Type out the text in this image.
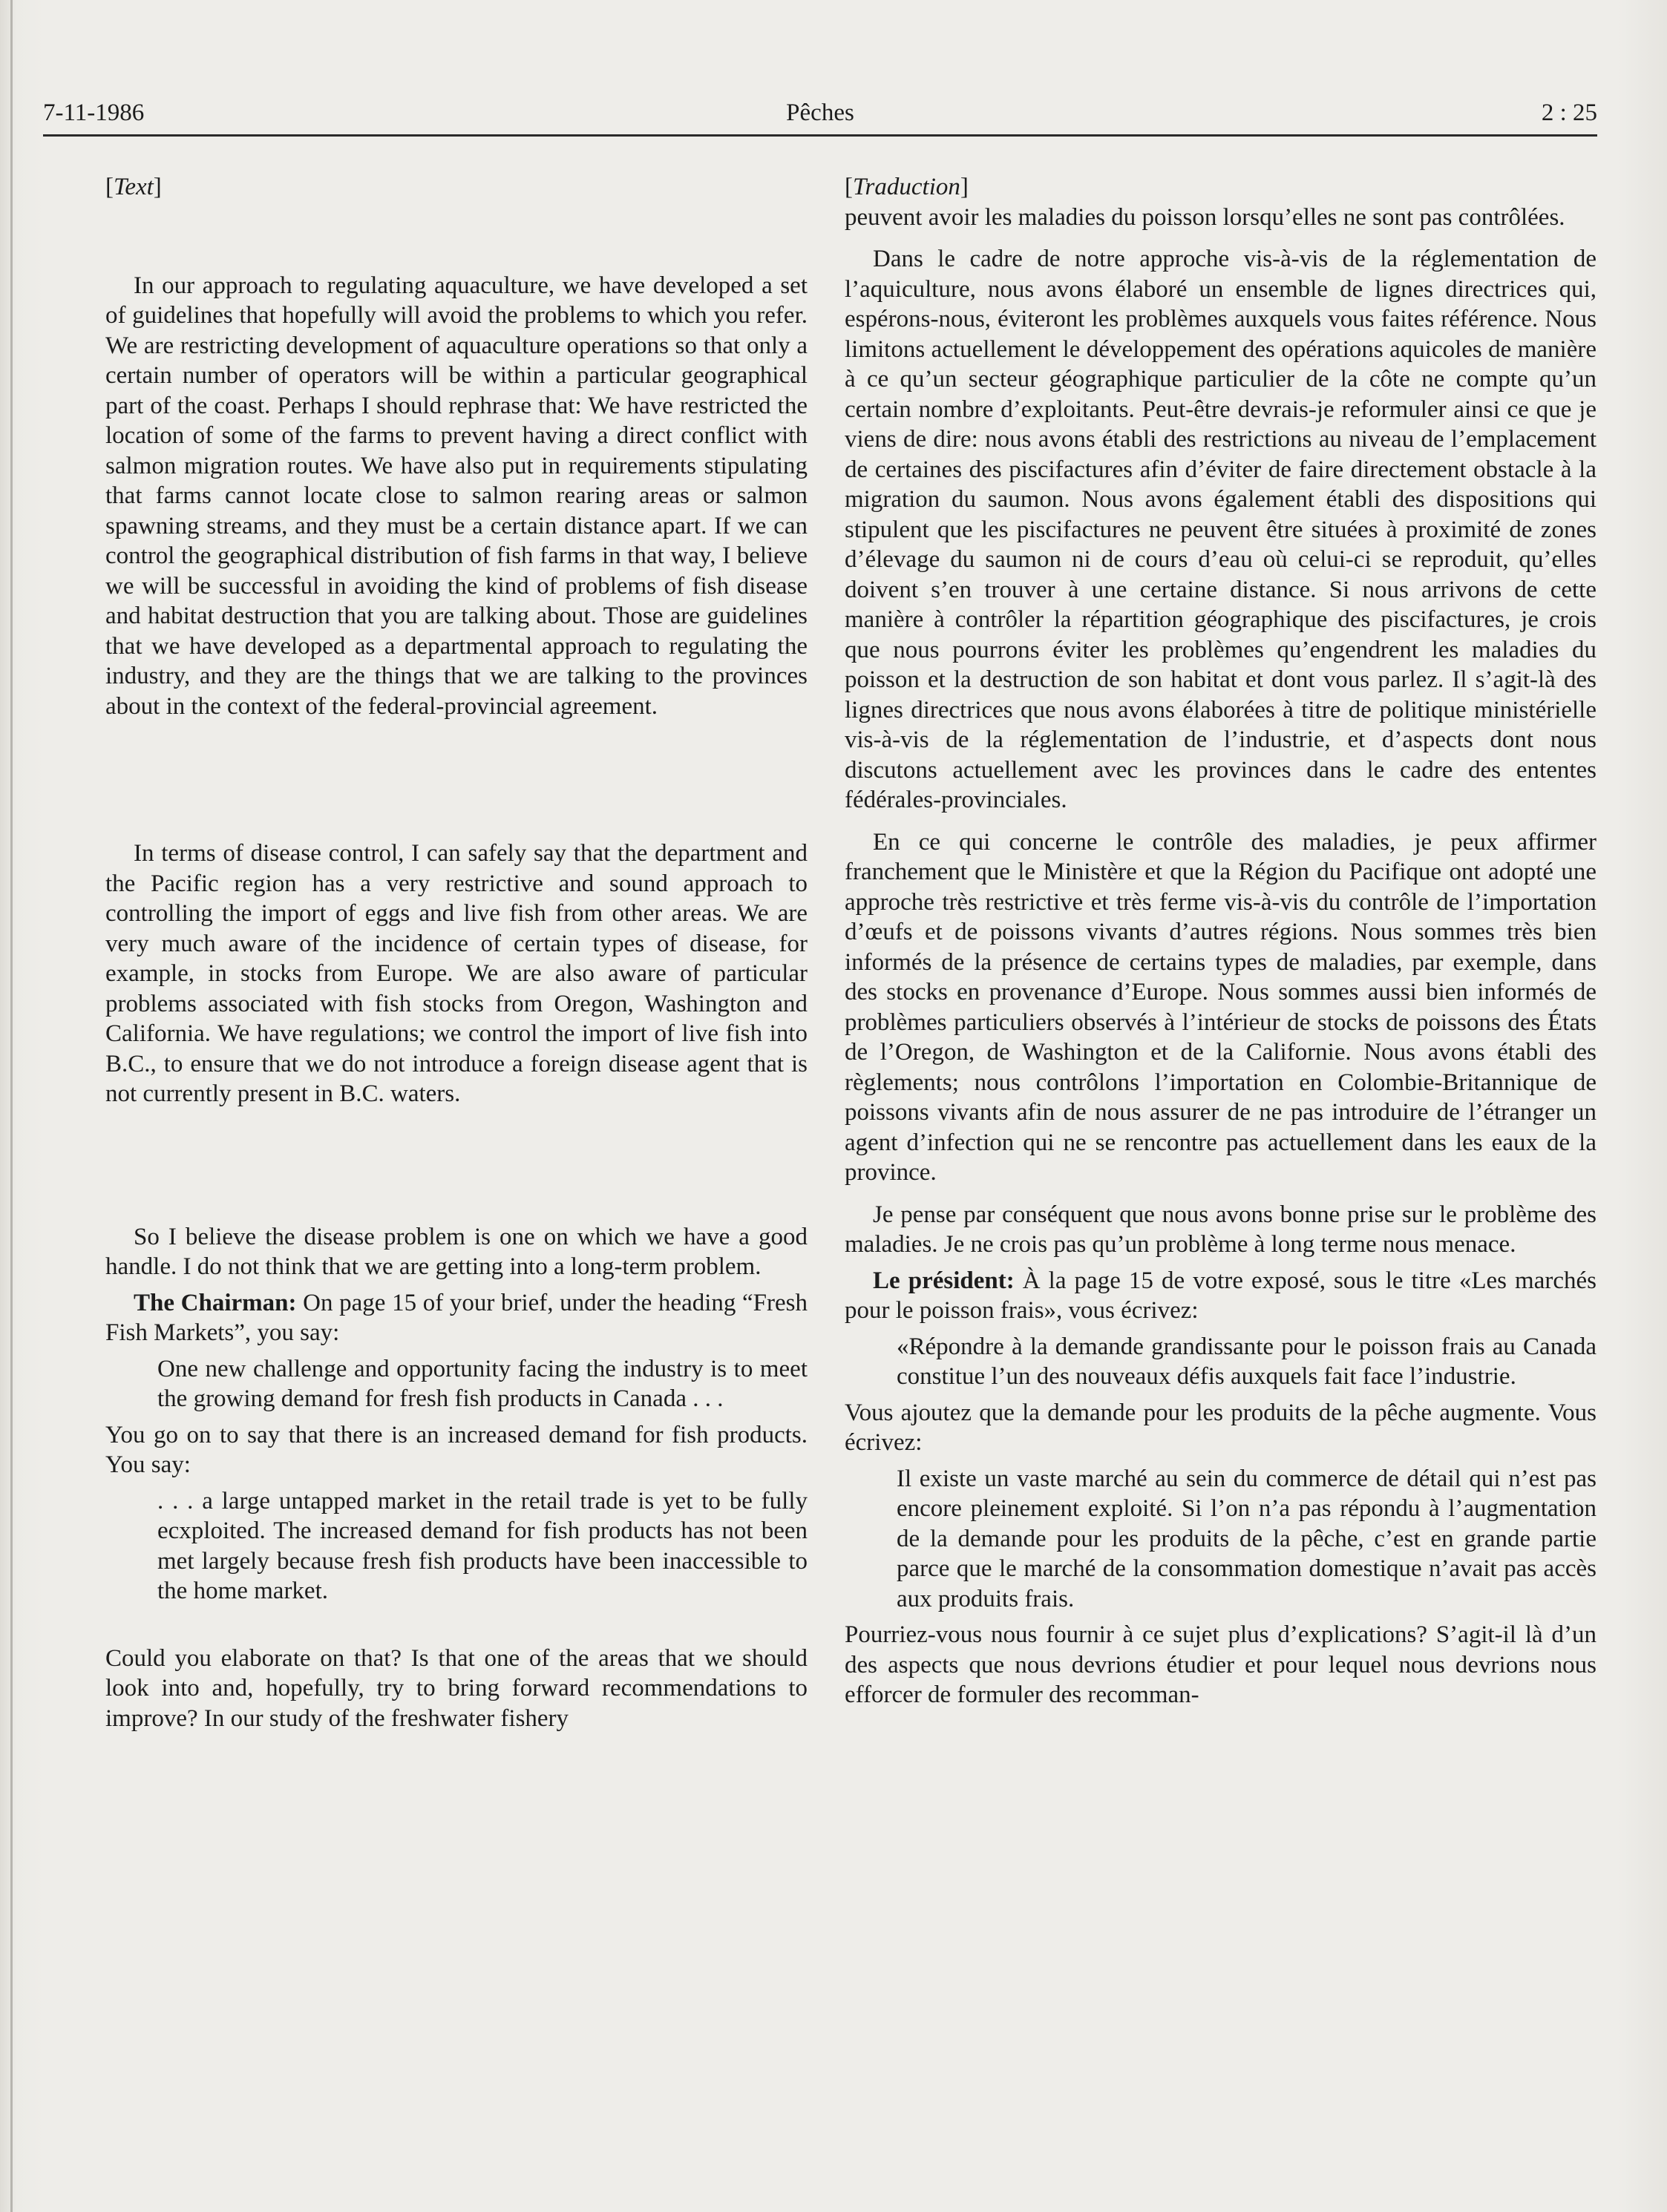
7-11-1986	Pêches	2 : 25

[Text]

In our approach to regulating aquaculture, we have developed a set of guidelines that hopefully will avoid the problems to which you refer. We are restricting development of aquaculture operations so that only a certain number of operators will be within a particular geographical part of the coast. Perhaps I should rephrase that: We have restricted the location of some of the farms to prevent having a direct conflict with salmon migration routes. We have also put in requirements stipulating that farms cannot locate close to salmon rearing areas or salmon spawning streams, and they must be a certain distance apart. If we can control the geographical distribution of fish farms in that way, I believe we will be successful in avoiding the kind of problems of fish disease and habitat destruction that you are talking about. Those are guidelines that we have developed as a departmental approach to regulating the industry, and they are the things that we are talking to the provinces about in the context of the federal-provincial agreement.

In terms of disease control, I can safely say that the department and the Pacific region has a very restrictive and sound approach to controlling the import of eggs and live fish from other areas. We are very much aware of the incidence of certain types of disease, for example, in stocks from Europe. We are also aware of particular problems associated with fish stocks from Oregon, Washington and California. We have regulations; we control the import of live fish into B.C., to ensure that we do not introduce a foreign disease agent that is not currently present in B.C. waters.

So I believe the disease problem is one on which we have a good handle. I do not think that we are getting into a long-term problem.

The Chairman: On page 15 of your brief, under the heading “Fresh Fish Markets”, you say:

One new challenge and opportunity facing the industry is to meet the growing demand for fresh fish products in Canada . . .

You go on to say that there is an increased demand for fish products. You say:

. . . a large untapped market in the retail trade is yet to be fully ecxploited. The increased demand for fish products has not been met largely because fresh fish products have been inaccessible to the home market.

Could you elaborate on that? Is that one of the areas that we should look into and, hopefully, try to bring forward recommendations to improve? In our study of the freshwater fishery

[Traduction]

peuvent avoir les maladies du poisson lorsqu’elles ne sont pas contrôlées.

Dans le cadre de notre approche vis-à-vis de la réglementation de l’aquiculture, nous avons élaboré un ensemble de lignes directrices qui, espérons-nous, éviteront les problèmes auxquels vous faites référence. Nous limitons actuellement le développement des opérations aquicoles de manière à ce qu’un secteur géographique particulier de la côte ne compte qu’un certain nombre d’exploitants. Peut-être devrais-je reformuler ainsi ce que je viens de dire: nous avons établi des restrictions au niveau de l’emplacement de certaines des piscifactures afin d’éviter de faire directement obstacle à la migration du saumon. Nous avons également établi des dispositions qui stipulent que les piscifactures ne peuvent être situées à proximité de zones d’élevage du saumon ni de cours d’eau où celui-ci se reproduit, qu’elles doivent s’en trouver à une certaine distance. Si nous arrivons de cette manière à contrôler la répartition géographique des piscifactures, je crois que nous pourrons éviter les problèmes qu’engendrent les maladies du poisson et la destruction de son habitat et dont vous parlez. Il s’agit-là des lignes directrices que nous avons élaborées à titre de politique ministérielle vis-à-vis de la réglementation de l’industrie, et d’aspects dont nous discutons actuellement avec les provinces dans le cadre des ententes fédérales-provinciales.

En ce qui concerne le contrôle des maladies, je peux affirmer franchement que le Ministère et que la Région du Pacifique ont adopté une approche très restrictive et très ferme vis-à-vis du contrôle de l’importation d’œufs et de poissons vivants d’autres régions. Nous sommes très bien informés de la présence de certains types de maladies, par exemple, dans des stocks en provenance d’Europe. Nous sommes aussi bien informés de problèmes particuliers observés à l’intérieur de stocks de poissons des États de l’Oregon, de Washington et de la Californie. Nous avons établi des règlements; nous contrôlons l’importation en Colombie-Britannique de poissons vivants afin de nous assurer de ne pas introduire de l’étranger un agent d’infection qui ne se rencontre pas actuellement dans les eaux de la province.

Je pense par conséquent que nous avons bonne prise sur le problème des maladies. Je ne crois pas qu’un problème à long terme nous menace.

Le président: À la page 15 de votre exposé, sous le titre «Les marchés pour le poisson frais», vous écrivez:

«Répondre à la demande grandissante pour le poisson frais au Canada constitue l’un des nouveaux défis auxquels fait face l’industrie.

Vous ajoutez que la demande pour les produits de la pêche augmente. Vous écrivez:

Il existe un vaste marché au sein du commerce de détail qui n’est pas encore pleinement exploité. Si l’on n’a pas répondu à l’augmentation de la demande pour les produits de la pêche, c’est en grande partie parce que le marché de la consommation domestique n’avait pas accès aux produits frais.

Pourriez-vous nous fournir à ce sujet plus d’explications? S’agit-il là d’un des aspects que nous devrions étudier et pour lequel nous devrions nous efforcer de formuler des recomman-
